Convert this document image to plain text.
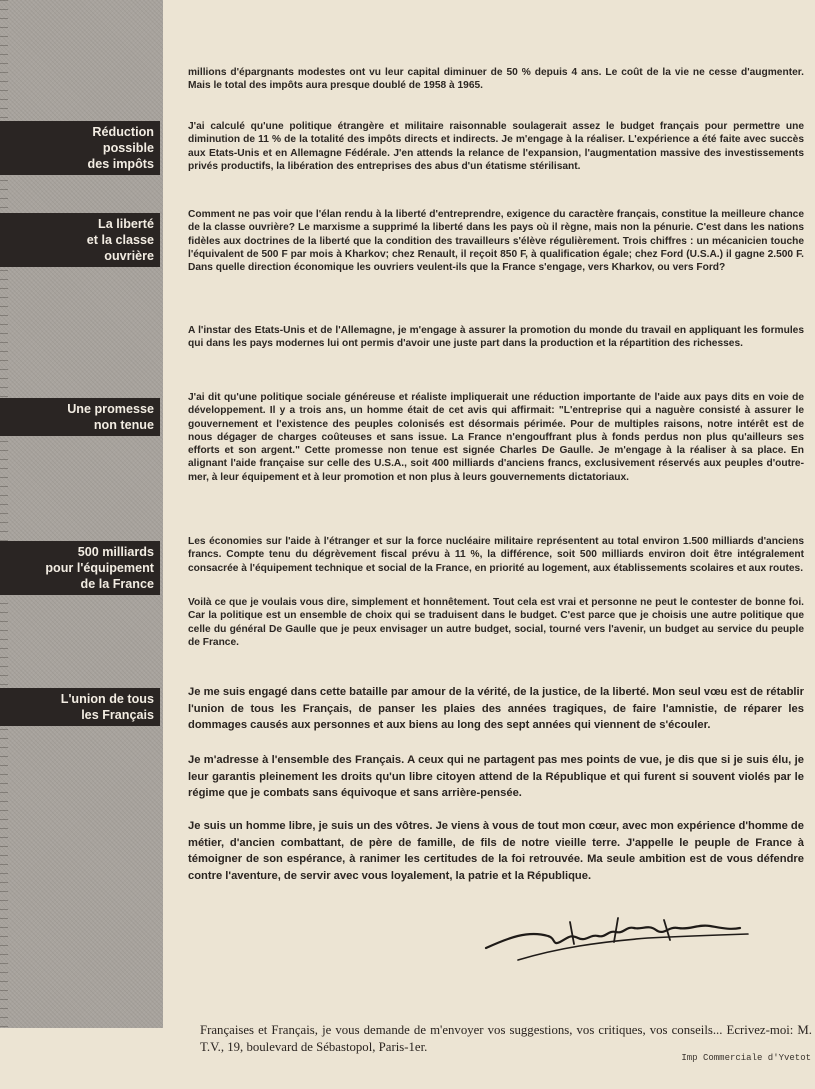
Réduction
possible
des impôts
La liberté
et la classe
ouvrière
Une promesse
non tenue
500 milliards
pour l'équipement
de la France
L'union de tous
les Français

millions d'épargnants modestes ont vu leur capital diminuer de 50 % depuis 4 ans. Le coût de la vie ne cesse d'augmenter. Mais le total des impôts aura presque doublé de 1958 à 1965.

J'ai calculé qu'une politique étrangère et militaire raisonnable soulagerait assez le budget français pour permettre une diminution de 11 % de la totalité des impôts directs et indirects. Je m'engage à la réaliser. L'expérience a été faite avec succès aux Etats-Unis et en Allemagne Fédérale. J'en attends la relance de l'expansion, l'augmentation massive des investissements privés productifs, la libération des entreprises des abus d'un étatisme stérilisant.

Comment ne pas voir que l'élan rendu à la liberté d'entreprendre, exigence du caractère français, constitue la meilleure chance de la classe ouvrière? Le marxisme a supprimé la liberté dans les pays où il règne, mais non la pénurie. C'est dans les nations fidèles aux doctrines de la liberté que la condition des travailleurs s'élève régulièrement. Trois chiffres : un mécanicien touche l'équivalent de 500 F par mois à Kharkov; chez Renault, il reçoit 850 F, à qualification égale; chez Ford (U.S.A.) il gagne 2.500 F. Dans quelle direction économique les ouvriers veulent-ils que la France s'engage, vers Kharkov, ou vers Ford?

A l'instar des Etats-Unis et de l'Allemagne, je m'engage à assurer la promotion du monde du travail en appliquant les formules qui dans les pays modernes lui ont permis d'avoir une juste part dans la production et la répartition des richesses.

J'ai dit qu'une politique sociale généreuse et réaliste impliquerait une réduction importante de l'aide aux pays dits en voie de développement. Il y a trois ans, un homme était de cet avis qui affirmait: "L'entreprise qui a naguère consisté à assurer le gouvernement et l'existence des peuples colonisés est désormais périmée. Pour de multiples raisons, notre intérêt est de nous dégager de charges coûteuses et sans issue. La France n'engouffrant plus à fonds perdus non plus qu'ailleurs ses efforts et son argent." Cette promesse non tenue est signée Charles De Gaulle. Je m'engage à la réaliser à sa place. En alignant l'aide française sur celle des U.S.A., soit 400 milliards d'anciens francs, exclusivement réservés aux peuples d'outre-mer, à leur équipement et à leur promotion et non plus à leurs gouvernements dictatoriaux.

Les économies sur l'aide à l'étranger et sur la force nucléaire militaire représentent au total environ 1.500 milliards d'anciens francs. Compte tenu du dégrèvement fiscal prévu à 11 %, la différence, soit 500 milliards environ doit être intégralement consacrée à l'équipement technique et social de la France, en priorité au logement, aux établissements scolaires et aux routes.

Voilà ce que je voulais vous dire, simplement et honnêtement. Tout cela est vrai et personne ne peut le contester de bonne foi. Car la politique est un ensemble de choix qui se traduisent dans le budget. C'est parce que je choisis une autre politique que celle du général De Gaulle que je peux envisager un autre budget, social, tourné vers l'avenir, un budget au service du peuple de France.

Je me suis engagé dans cette bataille par amour de la vérité, de la justice, de la liberté. Mon seul vœu est de rétablir l'union de tous les Français, de panser les plaies des années tragiques, de faire l'amnistie, de réparer les dommages causés aux personnes et aux biens au long des sept années qui viennent de s'écouler.

Je m'adresse à l'ensemble des Français. A ceux qui ne partagent pas mes points de vue, je dis que si je suis élu, je leur garantis pleinement les droits qu'un libre citoyen attend de la République et qui furent si souvent violés par le régime que je combats sans équivoque et sans arrière-pensée.

Je suis un homme libre, je suis un des vôtres. Je viens à vous de tout mon cœur, avec mon expérience d'homme de métier, d'ancien combattant, de père de famille, de fils de notre vieille terre. J'appelle le peuple de France à témoigner de son espérance, à ranimer les certitudes de la foi retrouvée. Ma seule ambition est de vous défendre contre l'aventure, de servir avec vous loyalement, la patrie et la République.

Françaises et Français, je vous demande de m'envoyer vos suggestions, vos critiques, vos conseils... Ecrivez-moi: M. T.V., 19, boulevard de Sébastopol, Paris-1er.

Imp Commerciale d'Yvetot
